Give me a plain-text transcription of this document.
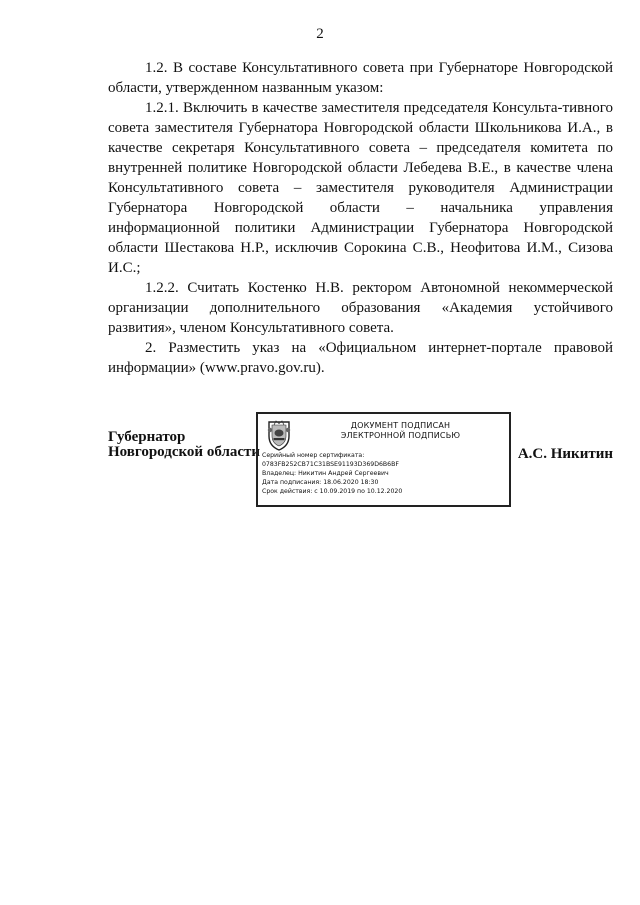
2

1.2. В составе Консультативного совета при Губернаторе Новгородской области, утвержденном названным указом:

1.2.1. Включить в качестве заместителя председателя Консульта-тивного совета заместителя Губернатора Новгородской области Школьникова И.А., в качестве секретаря Консультативного совета – председателя комитета по внутренней политике Новгородской области Лебедева В.Е., в качестве члена Консультативного совета – заместителя руководителя Администрации Губернатора Новгородской области – начальника управления информационной политики Администрации Губернатора Новгородской области Шестакова Н.Р., исключив Сорокина С.В., Неофитова И.М., Сизова И.С.;

1.2.2. Считать Костенко Н.В. ректором Автономной некоммерческой организации дополнительного образования «Академия устойчивого развития», членом Консультативного совета.

2. Разместить указ на «Официальном интернет-портале правовой информации» (www.pravo.gov.ru).

Губернатор
Новгородской области
ДОКУМЕНТ ПОДПИСАН
ЭЛЕКТРОННОЙ ПОДПИСЬЮ
Серийный номер сертификата:
0783FB252CB71C31BSE91193D369D6B6BF
Владелец: Никитин Андрей Сергеевич
Дата подписания: 18.06.2020 18:30
Срок действия: с 10.09.2019 по 10.12.2020
А.С. Никитин
